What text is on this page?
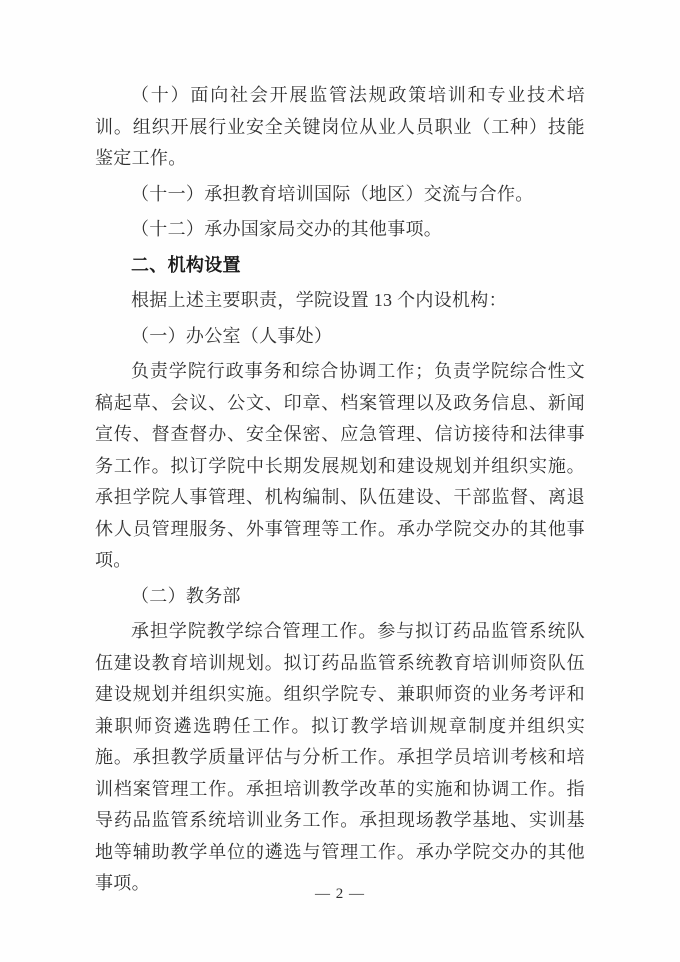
（十）面向社会开展监管法规政策培训和专业技术培训。组织开展行业安全关键岗位从业人员职业（工种）技能鉴定工作。

（十一）承担教育培训国际（地区）交流与合作。

（十二）承办国家局交办的其他事项。

二、机构设置

根据上述主要职责，学院设置 13 个内设机构：

（一）办公室（人事处）

负责学院行政事务和综合协调工作；负责学院综合性文稿起草、会议、公文、印章、档案管理以及政务信息、新闻宣传、督查督办、安全保密、应急管理、信访接待和法律事务工作。拟订学院中长期发展规划和建设规划并组织实施。承担学院人事管理、机构编制、队伍建设、干部监督、离退休人员管理服务、外事管理等工作。承办学院交办的其他事项。

（二）教务部

承担学院教学综合管理工作。参与拟订药品监管系统队伍建设教育培训规划。拟订药品监管系统教育培训师资队伍建设规划并组织实施。组织学院专、兼职师资的业务考评和兼职师资遴选聘任工作。拟订教学培训规章制度并组织实施。承担教学质量评估与分析工作。承担学员培训考核和培训档案管理工作。承担培训教学改革的实施和协调工作。指导药品监管系统培训业务工作。承担现场教学基地、实训基地等辅助教学单位的遴选与管理工作。承办学院交办的其他事项。

— 2 —
